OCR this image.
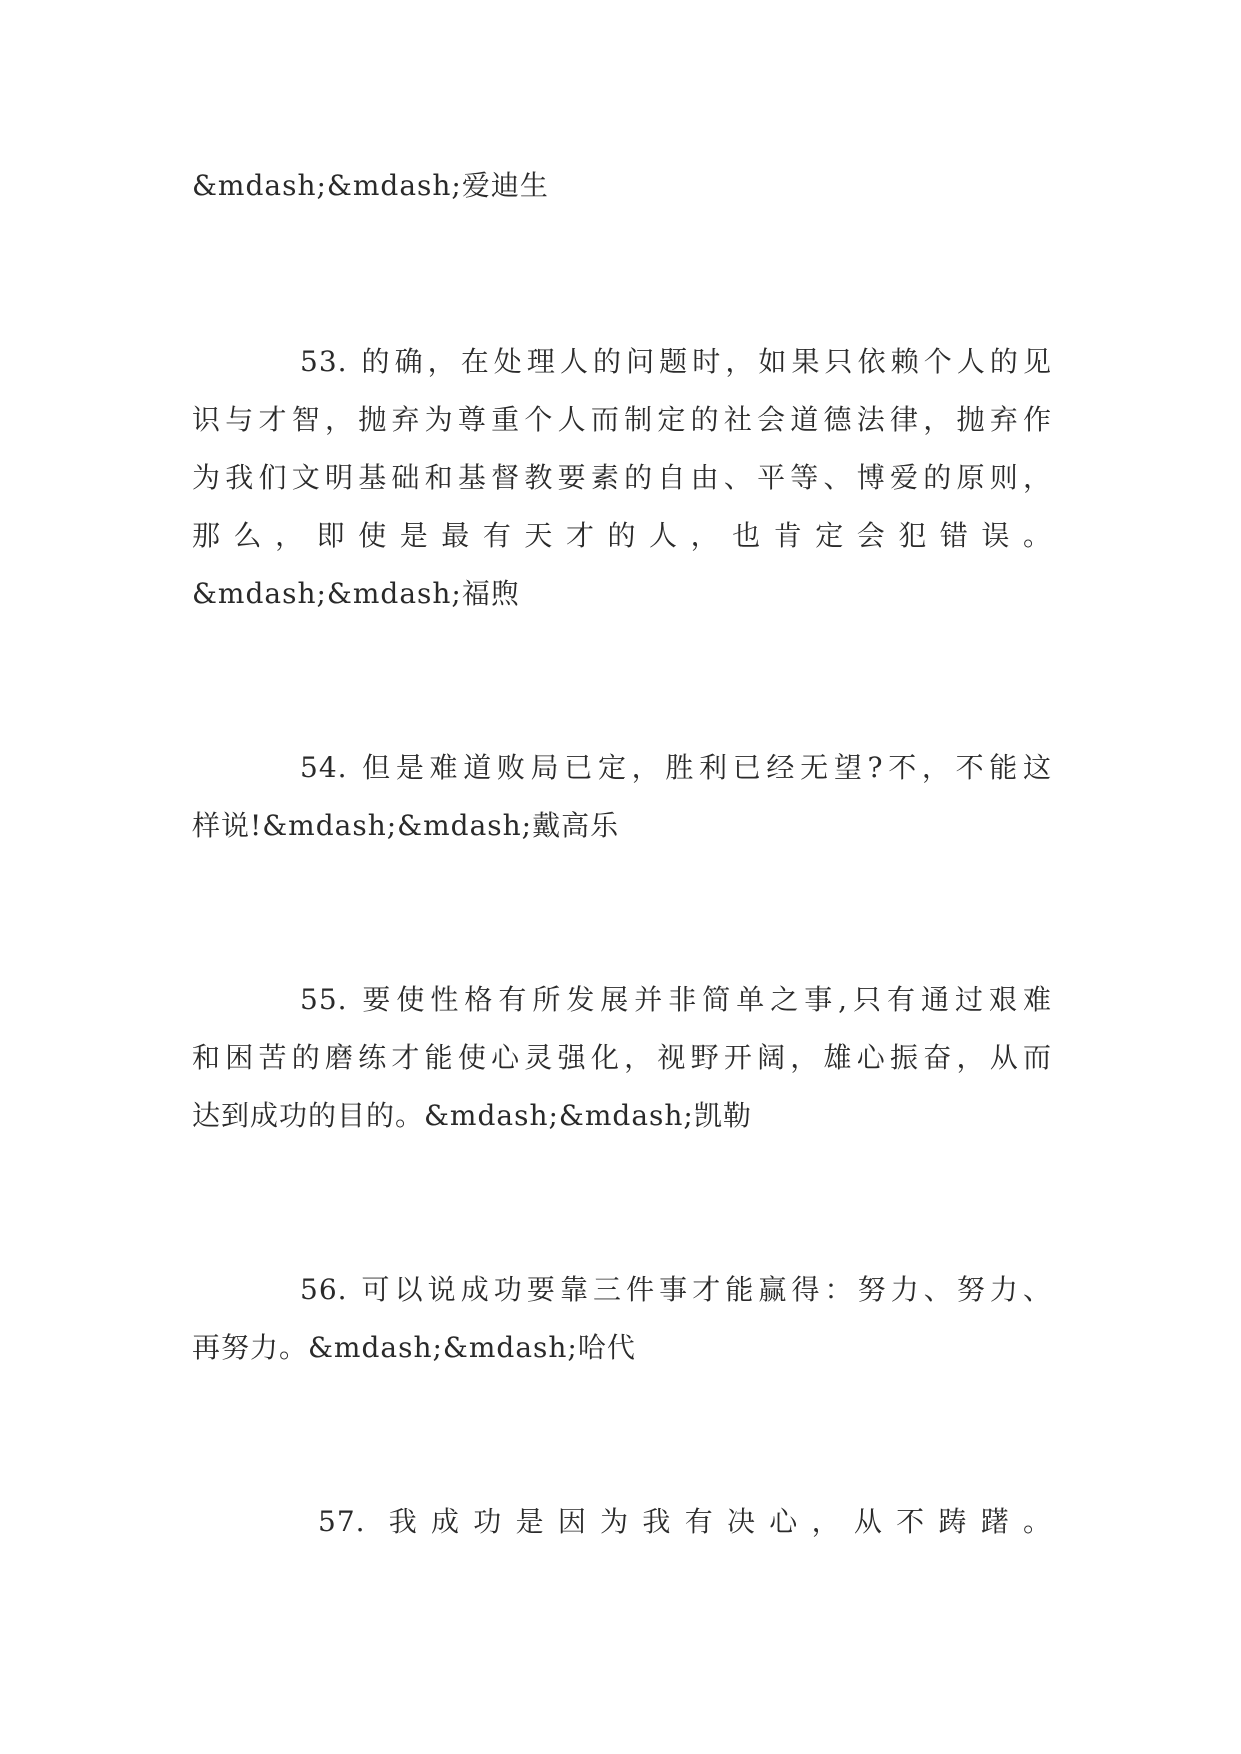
&mdash;&mdash;爱迪生
53. 的确，在处理人的问题时，如果只依赖个人的见
识与才智，抛弃为尊重个人而制定的社会道德法律，抛弃作
为我们文明基础和基督教要素的自由、平等、博爱的原则，
那么，即使是最有天才的人，也肯定会犯错误。
&mdash;&mdash;福煦
54. 但是难道败局已定，胜利已经无望?不，不能这
样说!&mdash;&mdash;戴高乐
55. 要使性格有所发展并非简单之事,只有通过艰难
和困苦的磨练才能使心灵强化，视野开阔，雄心振奋，从而
达到成功的目的。&mdash;&mdash;凯勒
56. 可以说成功要靠三件事才能赢得：努力、努力、
再努力。&mdash;&mdash;哈代
57. 我成功是因为我有决心，从不踌躇。
